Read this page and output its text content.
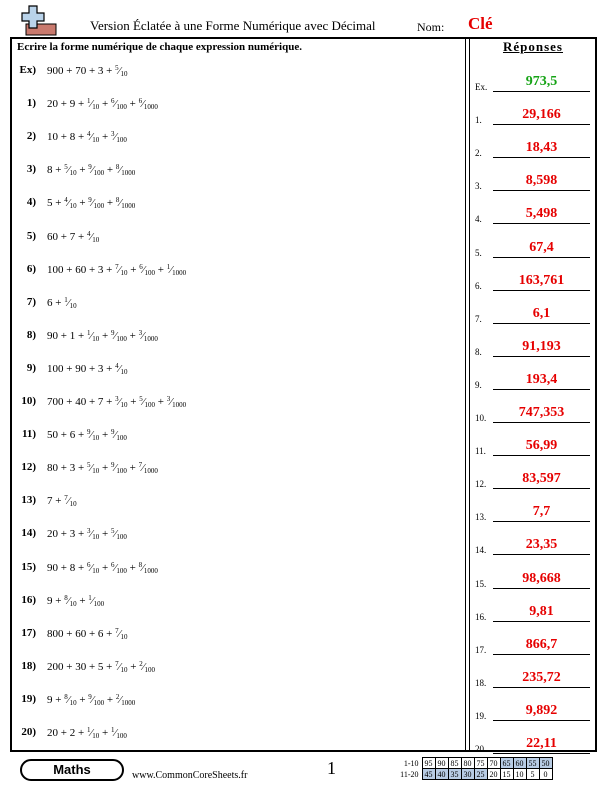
Version Éclatée à une Forme Numérique avec Décimal	Nom: Clé
Ecrire la forme numérique de chaque expression numérique.	Réponses
Ex) $900 + 70 + 3 + ^5⁄_{10}$
1) $20 + 9 + ^1⁄_{10}$ + $^6⁄_{100}$ + $^6⁄_{1000}$
2) $10 + 8 + ^4⁄_{10}$ + $^3⁄_{100}$
3) $8 + ^5⁄_{10}$ + $^9⁄_{100}$ + $^8⁄_{1000}$
4) $5 + ^4⁄_{10}$ + $^9⁄_{100}$ + $^8⁄_{1000}$
5) $60 + 7 + ^4⁄_{10}$
6) $100 + 60 + 3 + ^7⁄_{10}$ + $^6⁄_{100}$ + $^1⁄_{1000}$
7) $6 + ^1⁄_{10}$
8) $90 + 1 + ^1⁄_{10}$ + $^9⁄_{100}$ + $^3⁄_{1000}$
9) $100 + 90 + 3 + ^4⁄_{10}$
10) $700 + 40 + 7 + ^3⁄_{10}$ + $^5⁄_{100}$ + $^3⁄_{1000}$
11) $50 + 6 + ^9⁄_{10}$ + $^9⁄_{100}$
12) $80 + 3 + ^5⁄_{10}$ + $^9⁄_{100}$ + $^7⁄_{1000}$
13) $7 + ^7⁄_{10}$
14) $20 + 3 + ^3⁄_{10}$ + $^5⁄_{100}$
15) $90 + 8 + ^6⁄_{10}$ + $^6⁄_{100}$ + $^8⁄_{1000}$
16) $9 + ^8⁄_{10}$ + $^1⁄_{100}$
17) $800 + 60 + 6 + ^7⁄_{10}$
18) $200 + 30 + 5 + ^7⁄_{10}$ + $^2⁄_{100}$
19) $9 + ^8⁄_{10}$ + $^9⁄_{100}$ + $^2⁄_{1000}$
20) $20 + 2 + ^1⁄_{10}$ + $^1⁄_{100}$
Ex.	973,5
1.	29,166
2.	18,43
3.	8,598
4.	5,498
5.	67,4
6.	163,761
7.	6,1
8.	91,193
9.	193,4
10.	747,353
11.	56,99
12.	83,597
13.	7,7
14.	23,35
15.	98,668
16.	9,81
17.	866,7
18.	235,72
19.	9,892
20.	22,11
Maths	www.CommonCoreSheets.fr	1	1-10	95	90	85	80	75	70	65	60	55	50
11-20	45	40	35	30	25	20	15	10	5	0
